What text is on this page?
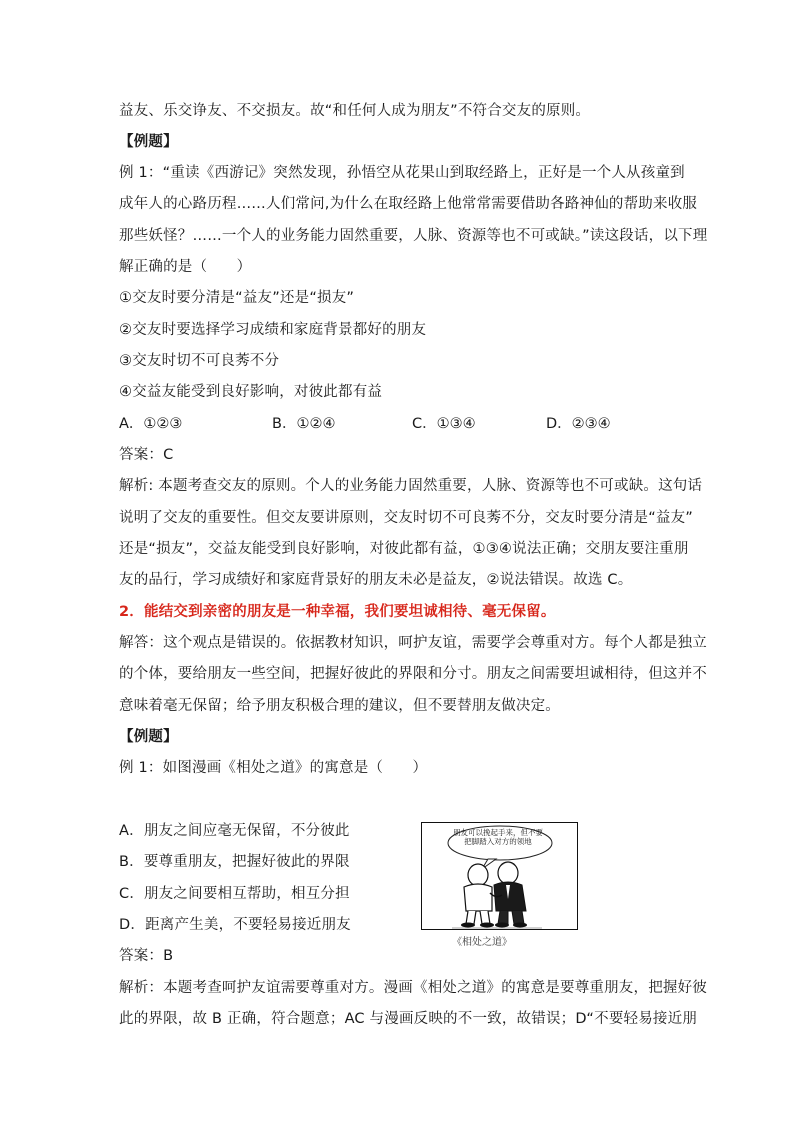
益友、乐交诤友、不交损友。故“和任何人成为朋友”不符合交友的原则。
【例题】
例 1：“重读《西游记》突然发现，孙悟空从花果山到取经路上，正好是一个人从孩童到
成年人的心路历程……人们常问,为什么在取经路上他常常需要借助各路神仙的帮助来收服
那些妖怪？……一个人的业务能力固然重要，人脉、资源等也不可或缺。”读这段话，以下理
解正确的是（　　）
①交友时要分清是“益友”还是“损友”
②交友时要选择学习成绩和家庭背景都好的朋友
③交友时切不可良莠不分
④交益友能受到良好影响，对彼此都有益
A．①②③	B．①②④	C．①③④	D．②③④
答案：C
解析: 本题考查交友的原则。个人的业务能力固然重要，人脉、资源等也不可或缺。这句话
说明了交友的重要性。但交友要讲原则，交友时切不可良莠不分，交友时要分清是“益友”
还是“损友”，交益友能受到良好影响，对彼此都有益，①③④说法正确；交朋友要注重朋
友的品行，学习成绩好和家庭背景好的朋友未必是益友，②说法错误。故选 C。
2．能结交到亲密的朋友是一种幸福，我们要坦诚相待、毫无保留。
解答：这个观点是错误的。依据教材知识，呵护友谊，需要学会尊重对方。每个人都是独立
的个体，要给朋友一些空间，把握好彼此的界限和分寸。朋友之间需要坦诚相待，但这并不
意味着毫无保留；给予朋友积极合理的建议，但不要替朋友做决定。
【例题】
例 1：如图漫画《相处之道》的寓意是（　　）
A．朋友之间应毫无保留，不分彼此
B．要尊重朋友，把握好彼此的界限
C．朋友之间要相互帮助，相互分担
D．距离产生美，不要轻易接近朋友
朋友可以挽起手来，但不要把脚踏入对方的领地
《相处之道》
答案：B
解析：本题考查呵护友谊需要尊重对方。漫画《相处之道》的寓意是要尊重朋友，把握好彼
此的界限，故 B 正确，符合题意；AC 与漫画反映的不一致，故错误；D“不要轻易接近朋
